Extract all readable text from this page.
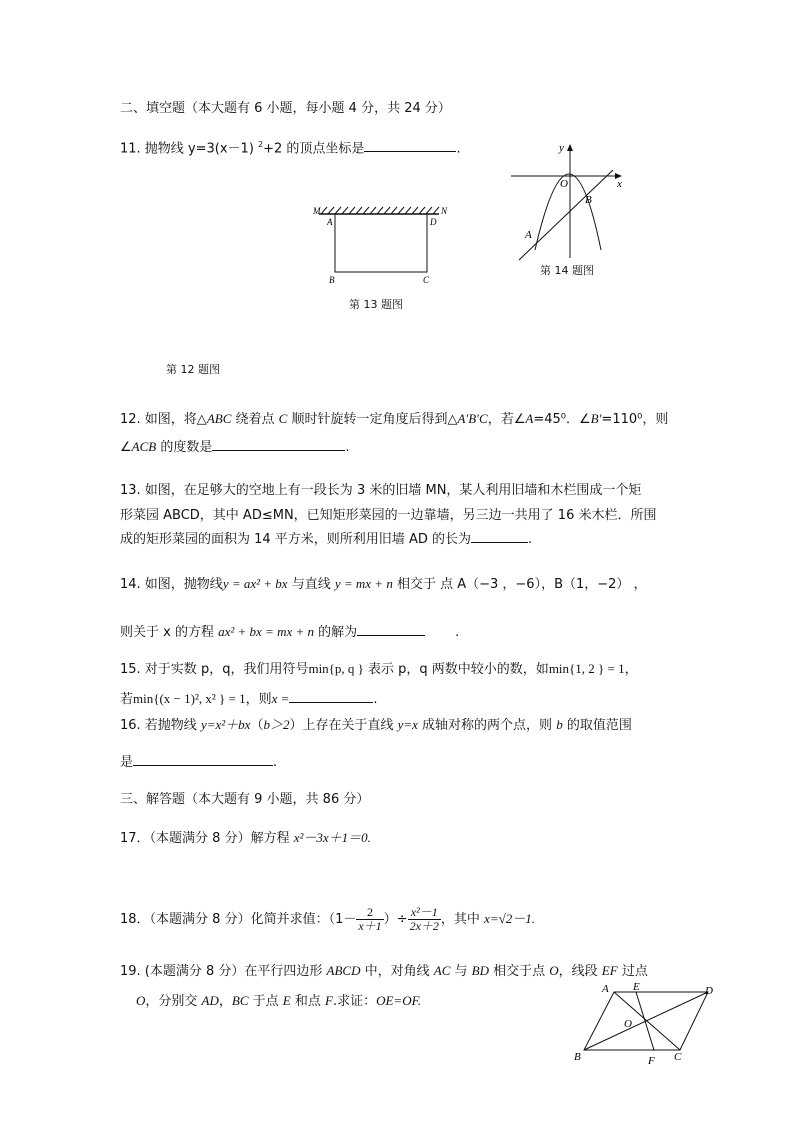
二、填空题（本大题有 6 小题，每小题 4 分，共 24 分）
11. 抛物线 y=3(x－1) $^2$+2 的顶点坐标是	.
M	N
A	D
B	C
第 13 题图
y
x
O
B
A
第 14 题图
第 12 题图
12. 如图，将△ABC 绕着点 C 顺时针旋转一定角度后得到△A′B′C，若∠A=45⁰．∠B′=110⁰，则
∠ACB 的度数是	.
13. 如图，在足够大的空地上有一段长为 3 米的旧墙 MN，某人利用旧墙和木栏围成一个矩
形菜园 ABCD，其中 AD≤MN，已知矩形菜园的一边靠墙，另三边一共用了 16 米木栏．所围
成的矩形菜园的面积为 14 平方米，则所利用旧墙 AD 的长为	.
14. 如图，抛物线y = ax² + bx 与直线 y = mx + n 相交于 点 A（−3 ，−6），B（1，−2） ，
则关于 x 的方程 ax² + bx = mx + n 的解为	.
15. 对于实数 p，q，我们用符号min{p, q } 表示 p，q 两数中较小的数，如min{1, 2 } = 1，
若min{(x − 1)², x² } = 1，则x =	.
16. 若抛物线 y=x²＋bx（b＞2）上存在关于直线 y=x 成轴对称的两个点，则 b 的取值范围
是	.
三、解答题（本大题有 9 小题，共 86 分）
17．（本题满分 8 分）解方程 x²－3x＋1＝0.
18．（本题满分 8 分）化简并求值：（$1- \frac{2}{x+1}$ ）÷ $\frac{\text{x²－1}}{2x+2}$ ，其中 x=√2－1.
19. (本题满分 8 分）在平行四边形 ABCD 中，对角线 AC 与 BD 相交于点 O，线段 EF 过点
O，分别交 AD，BC 于点 E 和点 F.求证：OE=OF.
A E	D
O
B	F C
